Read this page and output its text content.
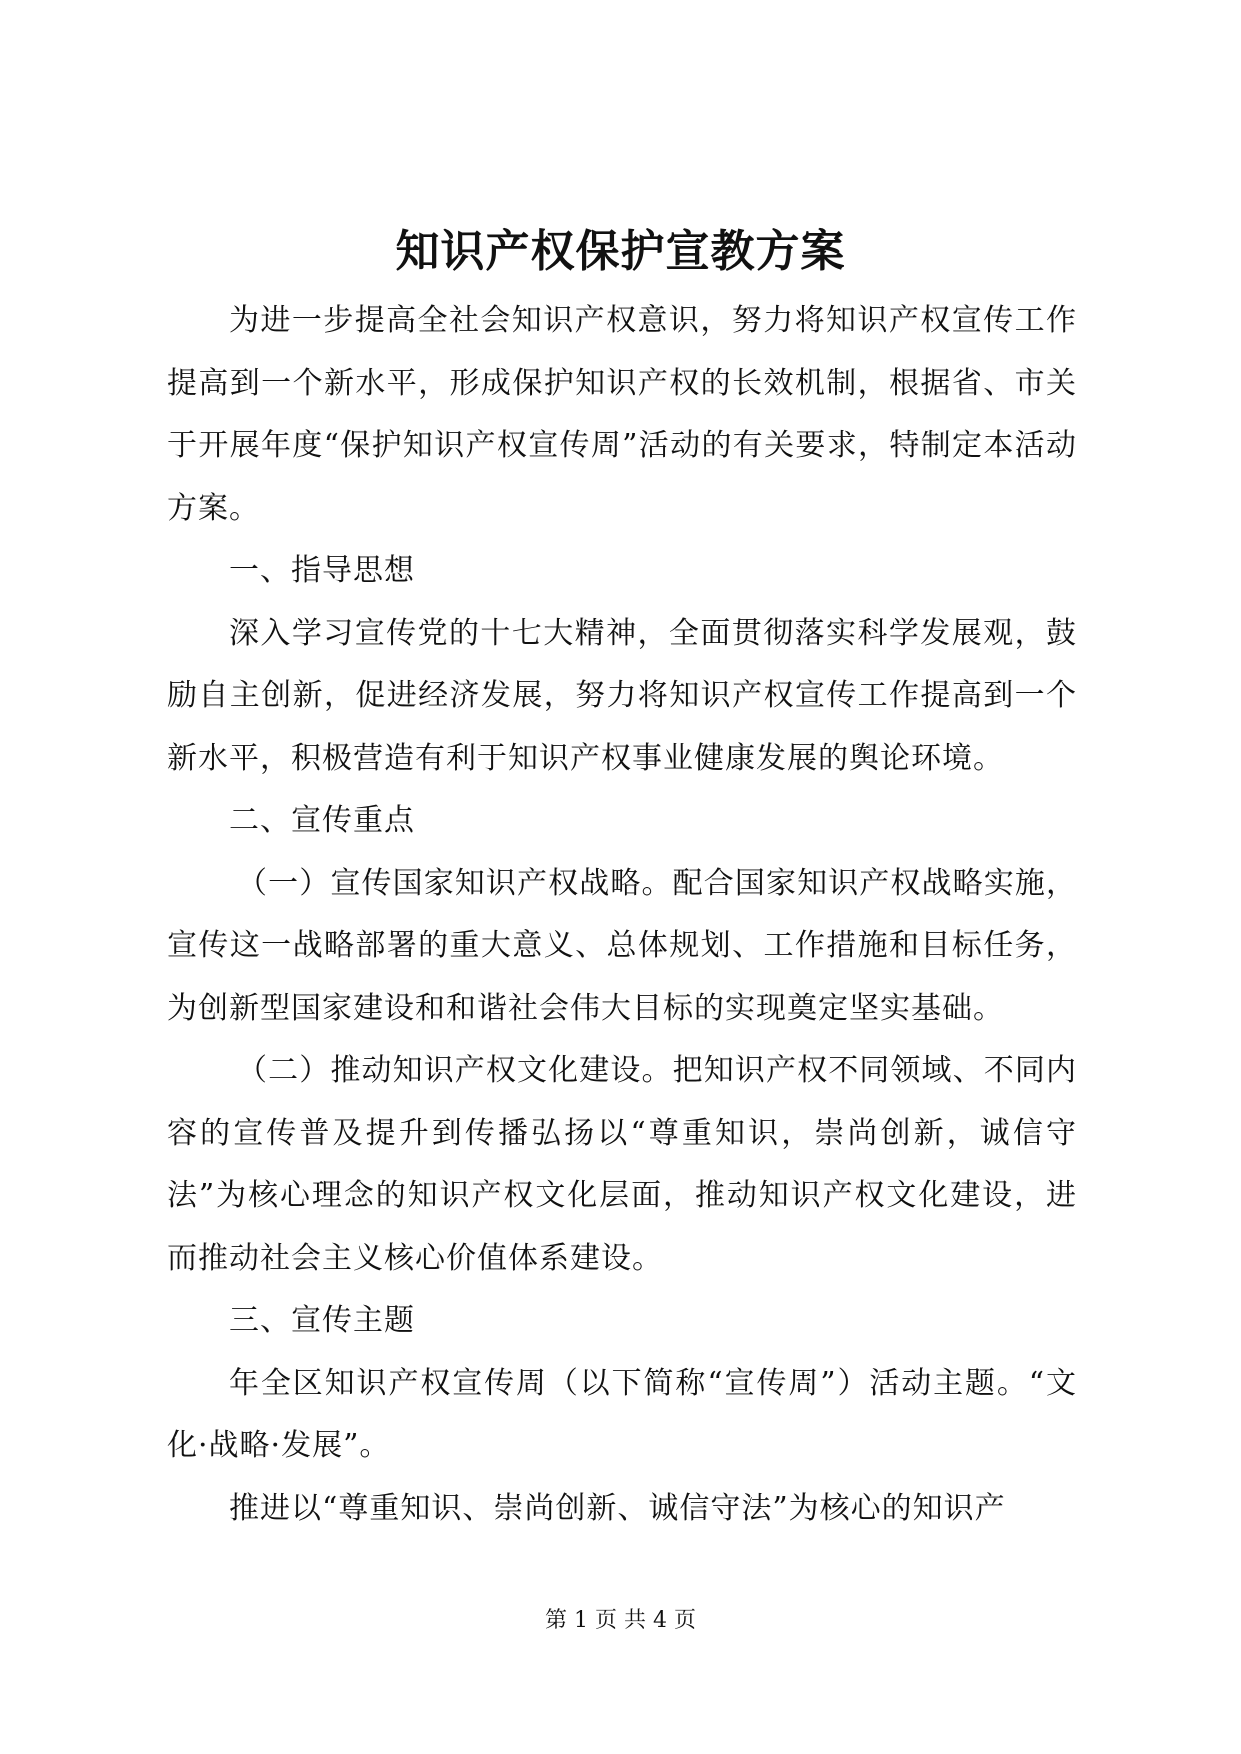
知识产权保护宣教方案

为进一步提高全社会知识产权意识，努力将知识产权宣传工作提高到一个新水平，形成保护知识产权的长效机制，根据省、市关于开展年度“保护知识产权宣传周”活动的有关要求，特制定本活动方案。

一、指导思想

深入学习宣传党的十七大精神，全面贯彻落实科学发展观，鼓励自主创新，促进经济发展，努力将知识产权宣传工作提高到一个新水平，积极营造有利于知识产权事业健康发展的舆论环境。

二、宣传重点

（一）宣传国家知识产权战略。配合国家知识产权战略实施，宣传这一战略部署的重大意义、总体规划、工作措施和目标任务，为创新型国家建设和和谐社会伟大目标的实现奠定坚实基础。

（二）推动知识产权文化建设。把知识产权不同领域、不同内容的宣传普及提升到传播弘扬以“尊重知识，崇尚创新，诚信守法”为核心理念的知识产权文化层面，推动知识产权文化建设，进而推动社会主义核心价值体系建设。

三、宣传主题

年全区知识产权宣传周（以下简称“宣传周”）活动主题。“文化·战略·发展”。

推进以“尊重知识、崇尚创新、诚信守法”为核心的知识产

第 1 页 共 4 页
